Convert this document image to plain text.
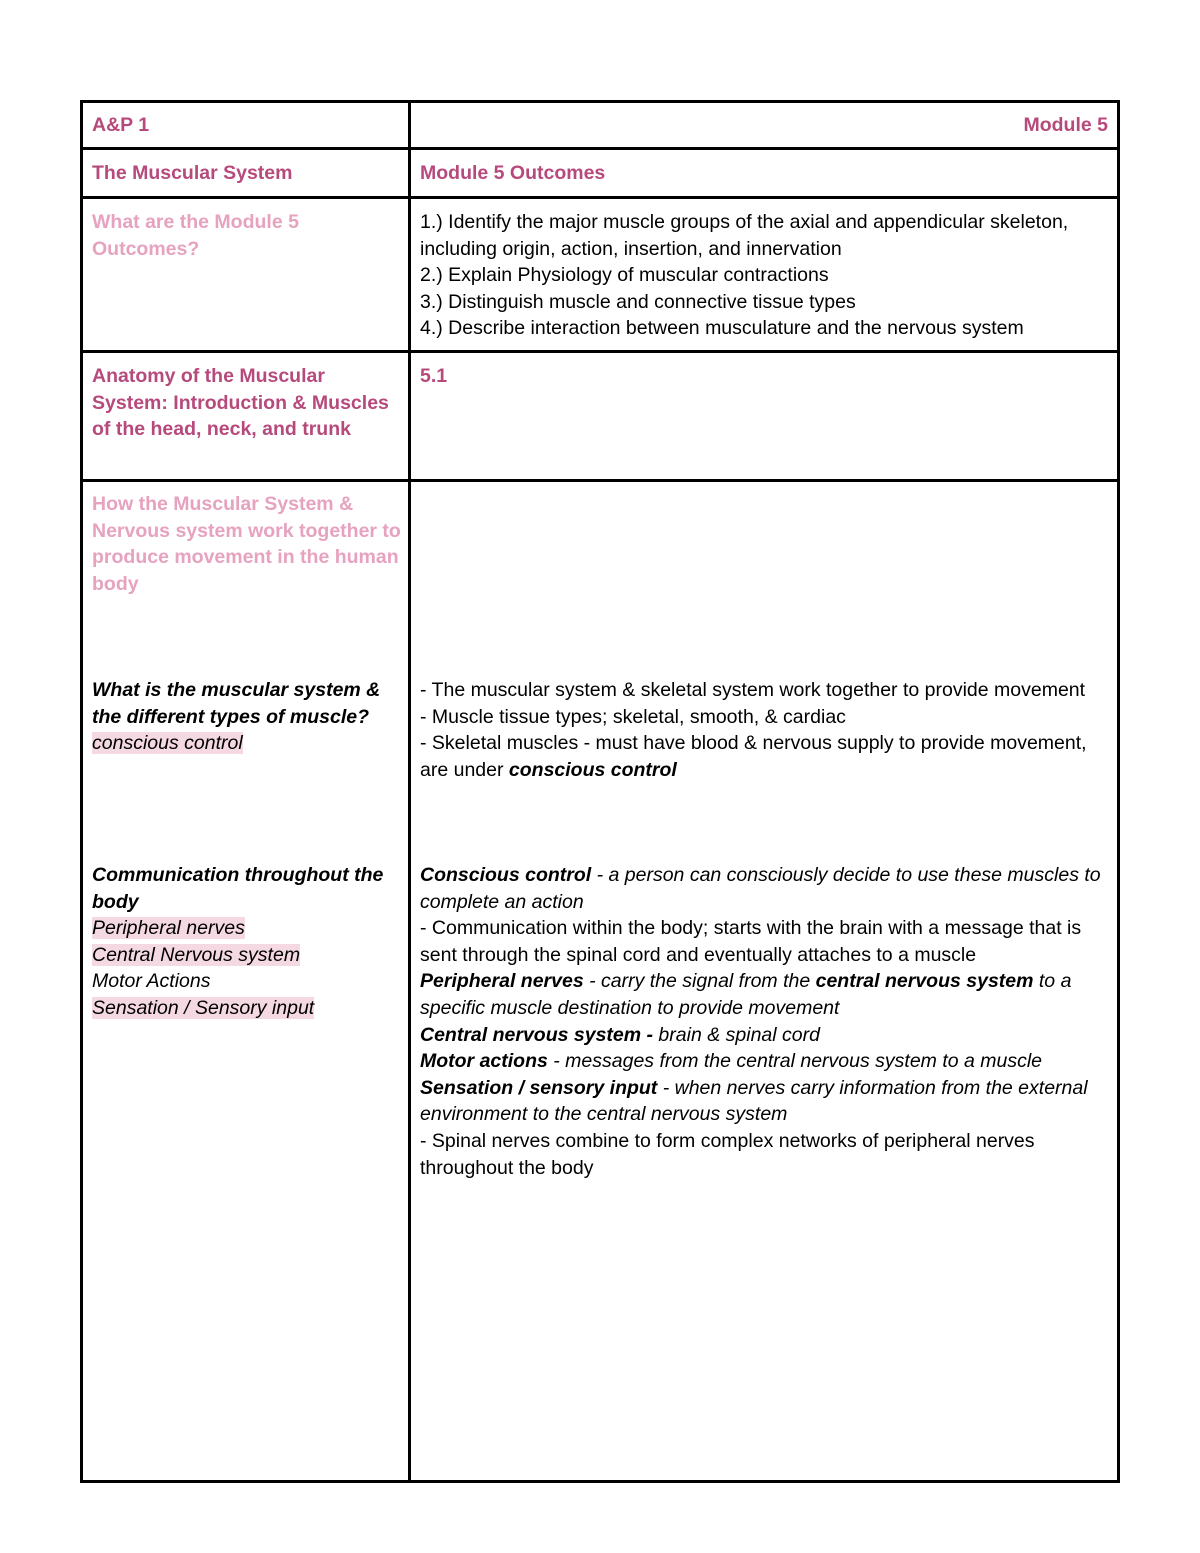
A&P 1	Module 5
The Muscular System	Module 5 Outcomes
What are the Module 5 Outcomes?

1.) Identify the major muscle groups of the axial and appendicular skeleton, including origin, action, insertion, and innervation

2.) Explain Physiology of muscular contractions

3.) Distinguish muscle and connective tissue types

4.) Describe interaction between musculature and the nervous system

Anatomy of the Muscular System: Introduction & Muscles of the head, neck, and trunk
5.1
How the Muscular System & Nervous system work together to produce movement in the human body

What is the muscular system & the different types of muscle?

conscious control

Communication throughout the body

Peripheral nerves

Central Nervous system

Motor Actions

Sensation / Sensory input

- The muscular system & skeletal system work together to provide movement

- Muscle tissue types; skeletal, smooth, & cardiac

- Skeletal muscles - must have blood & nervous supply to provide movement, are under conscious control

Conscious control - a person can consciously decide to use these muscles to complete an action

- Communication within the body; starts with the brain with a message that is sent through the spinal cord and eventually attaches to a muscle

Peripheral nerves - carry the signal from the central nervous system to a specific muscle destination to provide movement

Central nervous system - brain & spinal cord

Motor actions - messages from the central nervous system to a muscle

Sensation / sensory input - when nerves carry information from the external environment to the central nervous system

- Spinal nerves combine to form complex networks of peripheral nerves throughout the body
